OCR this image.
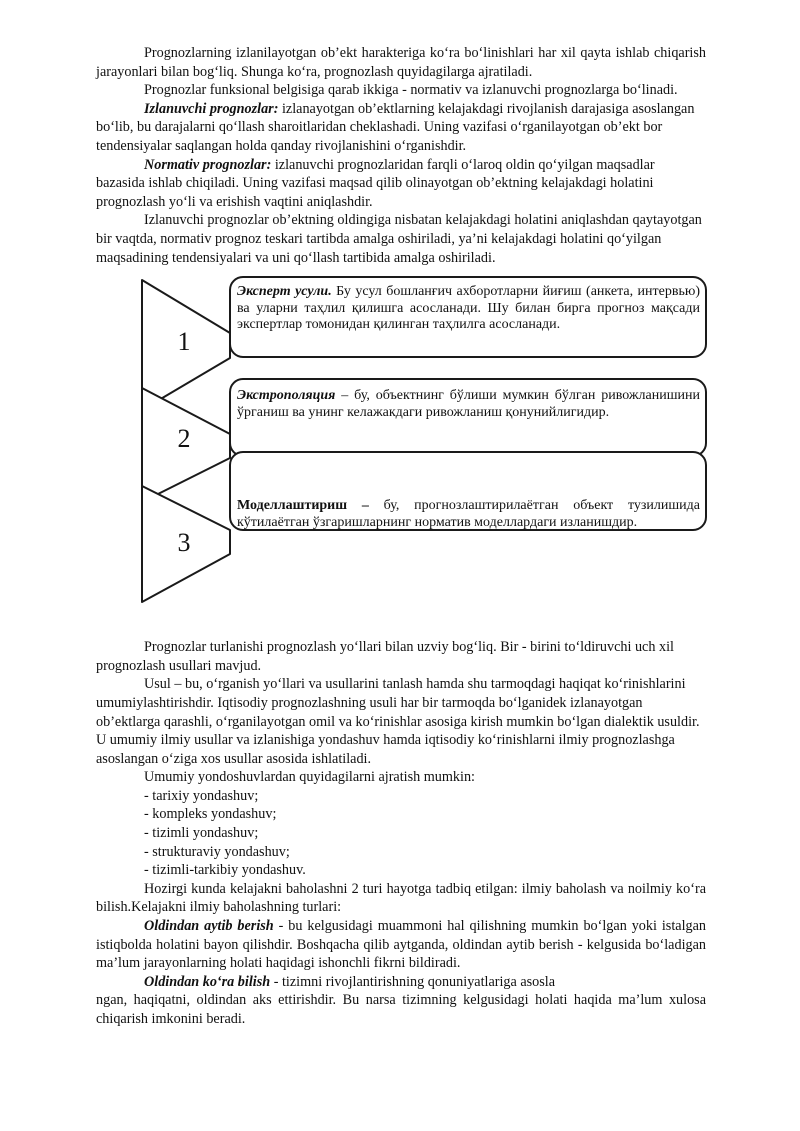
Prognozlarning izlanilayotgan ob’ekt harakteriga ko‘ra bo‘linishlari har xil qayta ishlab chiqarish jarayonlari bilan bog‘liq. Shunga ko‘ra, prognozlash quyidagilarga ajratiladi.

Prognozlar funksional belgisiga qarab ikkiga - normativ va izlanuvchi prognozlarga bo‘linadi.

Izlanuvchi prognozlar: izlanayotgan ob’ektlarning kelajakdagi rivojlanish darajasiga asoslangan bo‘lib, bu darajalarni qo‘llash sharoitlaridan cheklashadi. Uning vazifasi o‘rganilayotgan ob’ekt bor tendensiyalar saqlangan holda qanday rivojlanishini o‘rganishdir.

Normativ prognozlar: izlanuvchi prognozlaridan farqli o‘laroq oldin qo‘yilgan maqsadlar bazasida ishlab chiqiladi. Uning vazifasi maqsad qilib olinayotgan ob’ektning kelajakdagi holatini prognozlash yo‘li va erishish vaqtini aniqlashdir.

Izlanuvchi prognozlar ob’ektning oldingiga nisbatan kelajakdagi holatini aniqlashdan qaytayotgan bir vaqtda, normativ prognoz teskari tartibda amalga oshiriladi, ya’ni kelajakdagi holatini qo‘yilgan maqsadining tendensiyalari va uni qo‘llash tartibida amalga oshiriladi.

1
2
3
Эксперт усули. Бу усул бошланғич ахборотларни йиғиш (анкета, интервью) ва уларни таҳлил қилишга асосланади. Шу билан бирга прогноз мақсади экспертлар томонидан қилинган таҳлилга асосланади.
Экстрополяция – бу, объектнинг бўлиши мумкин бўлган ривожланишини ўрганиш ва унинг келажакдаги ривожланиш қонунийлигидир.
Моделлаштириш – бу, прогнозлаштирилаётган объект тузилишида кўтилаётган ўзгаришларнинг норматив моделлардаги изланишдир.

Prognozlar turlanishi prognozlash yo‘llari bilan uzviy bog‘liq. Bir - birini to‘ldiruvchi uch xil prognozlash usullari mavjud.

Usul – bu, o‘rganish yo‘llari va usullarini tanlash hamda shu tarmoqdagi haqiqat ko‘rinishlarini umumiylashtirishdir. Iqtisodiy prognozlashning usuli har bir tarmoqda bo‘lganidek izlanayotgan ob’ektlarga qarashli, o‘rganilayotgan omil va ko‘rinishlar asosiga kirish mumkin bo‘lgan dialektik usuldir. U umumiy ilmiy usullar va izlanishiga yondashuv hamda iqtisodiy ko‘rinishlarni ilmiy prognozlashga asoslangan o‘ziga xos usullar asosida ishlatiladi.

Umumiy yondoshuvlardan quyidagilarni ajratish mumkin:

- tarixiy yondashuv;

- kompleks yondashuv;

- tizimli yondashuv;

- strukturaviy yondashuv;

- tizimli-tarkibiy yondashuv.

Hozirgi kunda kelajakni baholashni 2 turi hayotga tadbiq etilgan: ilmiy baholash va noilmiy ko‘ra bilish.Kelajakni ilmiy baholashning turlari:

Oldindan aytib berish - bu kelgusidagi muammoni hal qilishning mumkin bo‘lgan yoki istalgan istiqbolda holatini bayon qilishdir. Boshqacha qilib aytganda, oldindan aytib berish - kelgusida bo‘ladigan ma’lum jarayonlarning holati haqidagi ishonchli fikrni bildiradi.

Oldindan ko‘ra bilish - tizimni rivojlantirishning qonuniyatlariga asosla

ngan, haqiqatni, oldindan aks ettirishdir. Bu narsa tizimning kelgusidagi holati haqida ma’lum xulosa chiqarish imkonini beradi.
